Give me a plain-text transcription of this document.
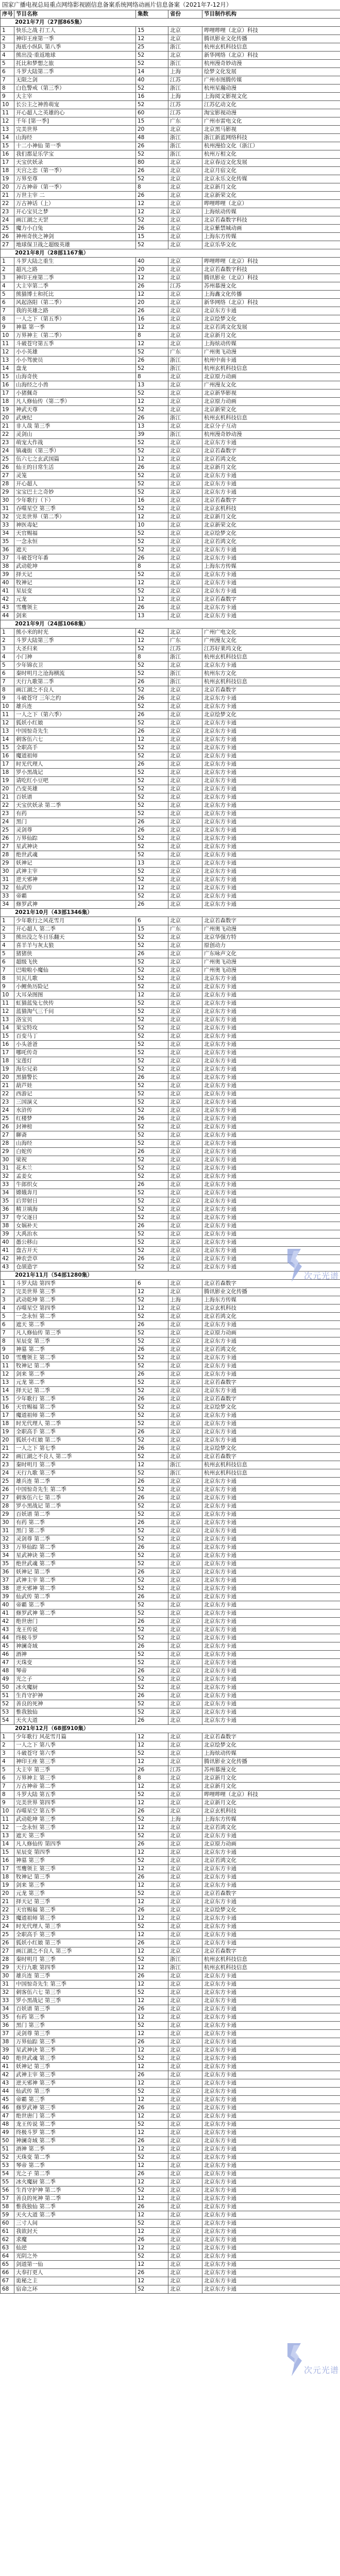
国家广播电视总局重点网络影视剧信息备案系统网络动画片信息备案（2021年7-12月）
序号	节目名称	集数	省份	节目制作机构
2021年7月（27部865集）				
1	快乐之战 打工人	15	北京	哔哩哔哩（北京）科技
2	神印王座第一季	12	北京	腾讯影业文化传播
3	海底小纵队 第八季	25	浙江	杭州玄机科技信息
4	熊出没·重返地球	52	北京	新华网络（北京）科技
5	托比和梦想之旅	52	浙江	杭州漫奇妙动漫
6	斗罗大陆第二季	14	上海	绘梦文化发展
7	无限之剑	40	江苏	广州市图腾传媒
8	白色警戒（第三季）	52	浙江	杭州星瀚动漫
9	大主宰	16	上海	上海阅文影视文化
10	长公主之神兽萌宠	52	江苏	江苏亿动文化
11	开心超人之英雄的心	60	江苏	淘宝影视动漫
12	千年 [第一季]	15	广东	广州市雷电文化
13	完美世界	20	北京	北京黑马影视
14	山海经	48	浙江	浙江新蓝网络科技
15	十二小神仙 第一季	26	浙江	杭州漫拾文化（浙江）
16	我们都是乐学宝	52	浙江	杭州万相文化
17	天宝伏妖录	80	北京	北京春迈文化发展
18	天宫之恋（第一季）	26	北京	北京月宿文化
19	万界至尊	52	北京	北京永乐文化传媒
20	万古神帝（第一季）	8	北京	北京新月文化
21	万世主宰 二	26	北京	北京新荣文化
22	万古神话（上）	12	北京	哔哩哔哩（北京）
23	开心宝贝之梦	12	北京	上海炫动传媒
24	画江湖之天罡	52	北京	北京若森数字科技
25	魔力小白兔	26	北京	北京紫禁城动画
26	神州奇侠之神剑	15	北京	上海东方传媒
27	地球保卫战之超级英雄	52	北京	北京乐华文化
2021年8月（28部1167集）				
1	斗罗大陆之重生	40	北京	哔哩哔哩（北京）科技
2	超凡之路	20	北京	北京若森数字科技
3	神印王座第二季	12	北京	腾讯影业（北京）科技
4	大主宰第二季	26	江苏	苏州慕漫文化
5	熊猫博士和托比	12	北京	上海鑫文化传播
6	风起洛阳（第二季）	20	北京	新华网络（北京）科技
7	我的英雄之路	26	北京	北京东方卡通
8	一人之下（第五季）	16	北京	北京绘梦文化
9	神墓 第一季	12	北京	北京若鸿文化发展
10	万界神主（第二季）	8	北京	北京新月文化
11	斗破苍穹第五季	12	北京	上海炫动传媒
12	小小英雄	52	广东	广州奥飞动漫
13	小小驾驶员	26	浙江	杭州中南卡通
14	盘龙	52	浙江	杭州玄机科技信息
15	山海奇侠	8	北京	北京原力动画
16	山海经之小兽	13	北京	广州漫友文化
17	小猪佩奇	52	北京	北京新华影视
18	凡人修仙传（第二季）	12	北京	北京原力动画
19	神武天尊	52	北京	北京新荣文化
20	武庚纪	26	浙江	杭州玄机科技信息
21	非人哉 第三季	13	北京	北京分子互动
22	灵剑山	39	浙江	杭州漫奇妙动漫
23	萌宠大作战	52	北京	北京东方卡通
24	镇魂街（第三季）	52	北京	北京若森数字
25	伍六七之玄武国篇	12	北京	北京若鸿文化
26	仙王的日常生活	26	北京	北京新月文化
27	灵笼	52	北京	北京东方卡通
28	开心超人	52	北京	北京东方卡通
29	宝宝巴士之奇妙	52	北京	北京东方卡通
30	少年歌行（下）	16	北京	北京若森数字
31	吞噬星空 第三季	52	北京	北京玄机科技
32	完美世界（第二季）	12	北京	北京新月文化
33	神医毒妃	10	北京	北京新荣文化
34	天官赐福	52	北京	北京绘梦文化
35	一念永恒	52	北京	北京若鸿文化
36	遮天	52	北京	北京东方卡通
37	斗破苍穹年番	26	北京	北京东方卡通
38	武动乾坤	8	北京	上海东方传媒
39	择天记	52	北京	北京东方卡通
40	牧神记	12	北京	北京东方卡通
41	星辰变	52	北京	北京东方卡通
42	元龙	12	北京	北京若森数字
43	雪鹰领主	26	北京	北京东方卡通
44	剑来	13	北京	北京东方卡通
2021年9月（24部1068集）				
1	熊小米的时光	42	北京	广州广电文化
2	斗罗大陆第三季	12	广东	广州漫友文化
3	大圣归来	52	江苏	江苏好莱坞文化
4	小门神	8	浙江	杭州玄机科技信息
5	少年锦衣卫	52	北京	北京东方卡通
6	秦时明月之沧海横流	52	浙江	杭州东方文化
7	天行九歌第二季	26	浙江	杭州玄机科技信息
8	画江湖之不良人	52	北京	北京若森数字
9	斗破苍穹 三年之约	26	北京	北京东方卡通
10	雄兵连	52	北京	北京东方卡通
11	一人之下（第六季）	26	北京	北京绘梦文化
12	狐妖小红娘	52	北京	北京东方卡通
13	中国惊奇先生	26	北京	北京东方卡通
14	刺客伍六七	12	北京	北京东方卡通
15	全职高手	52	北京	北京东方卡通
16	魔道祖师	52	北京	北京东方卡通
17	时光代理人	26	北京	北京东方卡通
18	罗小黑战记	52	北京	北京东方卡通
19	请吃红小豆吧	52	北京	北京东方卡通
20	凸变英雄	52	北京	北京东方卡通
21	百妖谱	52	北京	北京东方卡通
22	天宝伏妖录 第二季	52	北京	北京东方卡通
23	有药	52	北京	北京东方卡通
24	黑门	26	北京	北京东方卡通
25	灵剑尊	26	北京	北京东方卡通
26	万界仙踪	52	北京	北京东方卡通
27	星武神诀	52	北京	北京东方卡通
28	绝世武魂	52	北京	北京东方卡通
29	妖神记	13	北京	北京东方卡通
30	武神主宰	52	北京	北京东方卡通
31	逆天邪神	52	北京	北京东方卡通
32	仙武传	12	北京	北京东方卡通
33	帝霸	52	北京	北京东方卡通
34	修罗武神	26	北京	北京东方卡通
2021年10月（43部1346集）				
1	少年歌行之风花雪月	6	北京	北京若森数字
2	开心超人 第二季	15	广东	广州奥飞动漫
3	熊出没之冬日乐翻天	52	北京	北京华强方特
4	喜羊羊与灰太狼	52	北京	原创动力
5	猪猪侠	26	北京	广东咏声文化
6	超级飞侠	52	北京	广州奥飞动漫
7	巴啦啦小魔仙	52	北京	广州奥飞动漫
8	贝瓦儿歌	52	北京	北京东方卡通
9	小鲤鱼历险记	52	北京	北京东方卡通
10	大耳朵图图	12	北京	北京东方卡通
11	虹猫蓝兔七侠传	52	北京	北京东方卡通
12	蓝猫淘气三千问	52	北京	北京东方卡通
13	洛宝贝	52	北京	北京东方卡通
14	果宝特攻	52	北京	北京东方卡通
15	百变马丁	52	北京	北京东方卡通
16	小头爸爸	52	北京	北京东方卡通
17	哪吒传奇	52	北京	北京东方卡通
18	宝莲灯	52	北京	北京东方卡通
19	海尔兄弟	52	北京	北京东方卡通
20	黑猫警长	26	北京	北京东方卡通
21	葫芦娃	52	北京	北京东方卡通
22	西游记	52	北京	北京东方卡通
23	三国演义	52	北京	北京东方卡通
24	水浒传	52	北京	北京东方卡通
25	红楼梦	26	北京	北京东方卡通
26	封神榜	52	北京	北京东方卡通
27	聊斋	52	北京	北京东方卡通
28	山海经	52	北京	北京东方卡通
29	白蛇传	26	北京	北京东方卡通
30	梁祝	52	北京	北京东方卡通
31	花木兰	52	北京	北京东方卡通
32	孟姜女	52	北京	北京东方卡通
33	牛郎织女	26	北京	北京东方卡通
34	嫦娥奔月	52	北京	北京东方卡通
35	后羿射日	52	北京	北京东方卡通
36	精卫填海	52	北京	北京东方卡通
37	夸父逐日	52	北京	北京东方卡通
38	女娲补天	26	北京	北京东方卡通
39	大禹治水	52	北京	北京东方卡通
40	愚公移山	52	北京	北京东方卡通
41	盘古开天	52	北京	北京东方卡通
42	神农尝草	26	北京	北京东方卡通
43	仓颉造字	52	北京	北京东方卡通
2021年11月（54部1280集）				
1	斗罗大陆 第四季	6	北京	北京若森数字
2	完美世界 第三季	12	北京	腾讯影业文化传播
3	武动乾坤 第二季	52	上海	上海东方传媒
4	吞噬星空 第四季	12	北京	北京玄机科技
5	一念永恒 第二季	52	北京	北京若鸿文化
6	遮天 第二季	26	北京	北京东方卡通
7	凡人修仙传 第三季	52	北京	北京原力动画
8	星辰变 第三季	52	北京	北京东方卡通
9	神墓 第二季	26	北京	北京若鸿文化
10	雪鹰领主 第二季	52	北京	北京东方卡通
11	牧神记 第二季	52	北京	北京东方卡通
12	剑来 第二季	26	北京	北京东方卡通
13	元龙 第二季	52	北京	北京若森数字
14	择天记 第二季	52	北京	北京东方卡通
15	少年歌行 第二季	26	北京	北京若森数字
16	天官赐福 第二季	52	北京	北京绘梦文化
17	魔道祖师 第二季	52	北京	北京东方卡通
18	时光代理人 第二季	52	北京	北京东方卡通
19	全职高手 第二季	26	北京	北京东方卡通
20	狐妖小红娘 第二季	52	北京	北京东方卡通
21	一人之下 第七季	26	北京	北京绘梦文化
22	画江湖之不良人 第二季	52	北京	北京若森数字
23	秦时明月 第二季	12	浙江	杭州玄机科技信息
24	天行九歌 第三季	52	浙江	杭州玄机科技信息
25	雄兵连 第二季	26	北京	北京东方卡通
26	中国惊奇先生 第二季	52	北京	北京东方卡通
27	刺客伍六七 第二季	26	北京	北京东方卡通
28	罗小黑战记 第二季	52	北京	北京东方卡通
29	百妖谱 第二季	52	北京	北京东方卡通
30	有药 第二季	26	北京	北京东方卡通
31	黑门 第二季	52	北京	北京东方卡通
32	灵剑尊 第二季	52	北京	北京东方卡通
33	万界仙踪 第二季	26	北京	北京东方卡通
34	星武神诀 第二季	52	北京	北京东方卡通
35	绝世武魂 第二季	52	北京	北京东方卡通
36	妖神记 第二季	26	北京	北京东方卡通
37	武神主宰 第二季	52	北京	北京东方卡通
38	逆天邪神 第二季	52	北京	北京东方卡通
39	仙武传 第二季	26	北京	北京东方卡通
40	帝霸 第二季	52	北京	北京东方卡通
41	修罗武神 第二季	52	北京	北京东方卡通
42	绝世唐门	26	北京	北京东方卡通
43	龙王传说	52	北京	北京东方卡通
44	终极斗罗	52	北京	北京东方卡通
45	神澜奇域	26	北京	北京东方卡通
46	酒神	52	北京	北京东方卡通
47	天珠变	52	北京	北京东方卡通
48	琴帝	26	北京	北京东方卡通
49	光之子	52	北京	北京东方卡通
50	冰火魔厨	52	北京	北京东方卡通
51	生肖守护神	26	北京	北京东方卡通
52	善良的死神	52	北京	北京东方卡通
53	惟我独仙	52	北京	北京东方卡通
54	天火大道	26	北京	北京东方卡通
2021年12月（68部910集）				
1	少年歌行 风花雪月篇	12	北京	北京若森数字
2	一人之下 第八季	12	北京	北京绘梦文化
3	斗破苍穹 第六季	52	北京	上海炫动传媒
4	神印王座 第三季	12	北京	腾讯影业文化传播
5	大主宰 第三季	26	江苏	苏州慕漫文化
6	万界神主 第三季	8	北京	北京新月文化
7	万古神帝 第二季	12	北京	北京新月文化
8	斗罗大陆 第五季	52	北京	哔哩哔哩（北京）科技
9	完美世界 第四季	12	北京	北京新月文化
10	吞噬星空 第五季	26	北京	北京玄机科技
11	武动乾坤 第三季	52	上海	上海东方传媒
12	一念永恒 第三季	12	北京	北京若鸿文化
13	遮天 第三季	52	北京	北京东方卡通
14	凡人修仙传 第四季	26	北京	北京原力动画
15	星辰变 第四季	12	北京	北京东方卡通
16	神墓 第三季	52	北京	北京若鸿文化
17	雪鹰领主 第三季	12	北京	北京东方卡通
18	牧神记 第三季	26	北京	北京东方卡通
19	剑来 第三季	12	北京	北京东方卡通
20	元龙 第三季	52	北京	北京若森数字
21	择天记 第三季	12	北京	北京东方卡通
22	天官赐福 第三季	26	北京	北京绘梦文化
23	魔道祖师 第三季	12	北京	北京东方卡通
24	时光代理人 第三季	52	北京	北京东方卡通
25	全职高手 第三季	12	北京	北京东方卡通
26	狐妖小红娘 第三季	26	北京	北京东方卡通
27	画江湖之不良人 第三季	12	北京	北京若森数字
28	秦时明月 第三季	52	浙江	杭州玄机科技信息
29	天行九歌 第四季	12	浙江	杭州玄机科技信息
30	雄兵连 第三季	26	北京	北京东方卡通
31	中国惊奇先生 第三季	12	北京	北京东方卡通
32	刺客伍六七 第三季	52	北京	北京东方卡通
33	罗小黑战记 第三季	12	北京	北京东方卡通
34	百妖谱 第三季	26	北京	北京东方卡通
35	有药 第三季	12	北京	北京东方卡通
36	黑门 第三季	52	北京	北京东方卡通
37	灵剑尊 第三季	12	北京	北京东方卡通
38	万界仙踪 第三季	26	北京	北京东方卡通
39	星武神诀 第三季	12	北京	北京东方卡通
40	绝世武魂 第三季	52	北京	北京东方卡通
41	妖神记 第三季	12	北京	北京东方卡通
42	武神主宰 第三季	26	北京	北京东方卡通
43	逆天邪神 第三季	12	北京	北京东方卡通
44	仙武传 第三季	52	北京	北京东方卡通
45	帝霸 第三季	12	北京	北京东方卡通
46	修罗武神 第三季	26	北京	北京东方卡通
47	绝世唐门 第二季	12	北京	北京东方卡通
48	龙王传说 第二季	52	北京	北京东方卡通
49	终极斗罗 第二季	12	北京	北京东方卡通
50	神澜奇域 第二季	26	北京	北京东方卡通
51	酒神 第二季	12	北京	北京东方卡通
52	天珠变 第二季	52	北京	北京东方卡通
53	琴帝 第二季	12	北京	北京东方卡通
54	光之子 第二季	26	北京	北京东方卡通
55	冰火魔厨 第二季	12	北京	北京东方卡通
56	生肖守护神 第二季	52	北京	北京东方卡通
57	善良的死神 第二季	12	北京	北京东方卡通
58	惟我独仙 第二季	26	北京	北京东方卡通
59	天火大道 第二季	12	北京	北京东方卡通
60	三寸人间	52	北京	北京东方卡通
61	我欲封天	12	北京	北京东方卡通
62	求魔	26	北京	北京东方卡通
63	仙逆	12	北京	北京东方卡通
64	光阴之外	52	北京	北京东方卡通
65	剑道第一仙	12	北京	北京东方卡通
66	大奉打更人	26	北京	北京东方卡通
67	诡秘之主	12	北京	北京东方卡通
68	宿命之环	52	北京	北京东方卡通
次元光谱
次元光谱
